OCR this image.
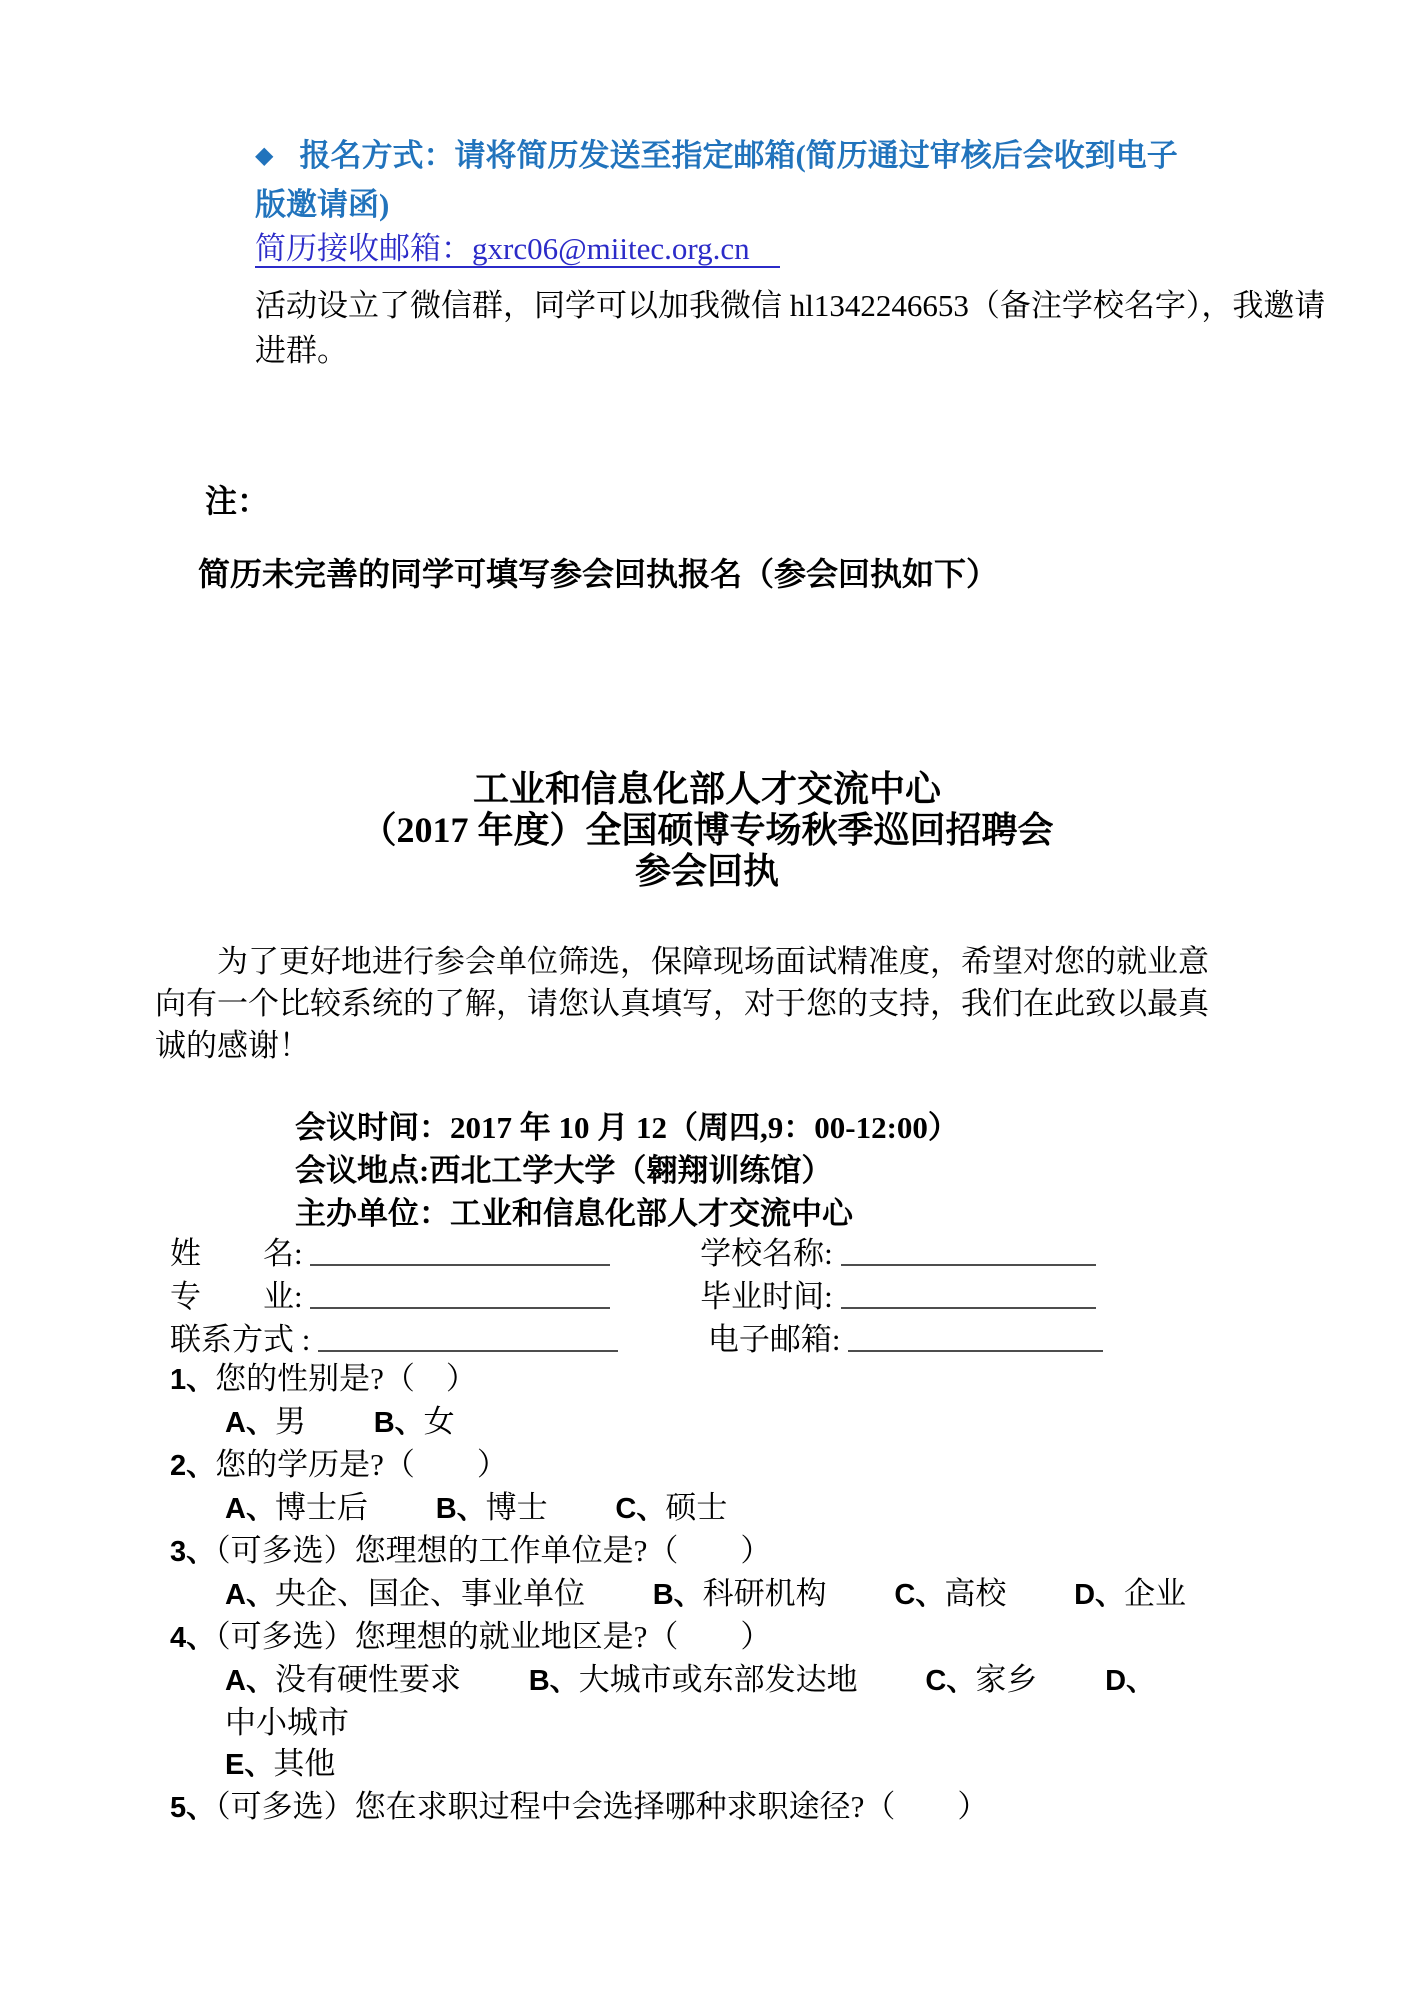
◆ 报名方式：请将简历发送至指定邮箱(简历通过审核后会收到电子版邀请函)
简历接收邮箱：gxrc06@miitec.org.cn
活动设立了微信群，同学可以加我微信 hl1342246653（备注学校名字），我邀请进群。
注：
简历未完善的同学可填写参会回执报名（参会回执如下）
工业和信息化部人才交流中心
（2017 年度）全国硕博专场秋季巡回招聘会
参会回执
为了更好地进行参会单位筛选，保障现场面试精准度，希望对您的就业意向有一个比较系统的了解，请您认真填写，对于您的支持，我们在此致以最真诚的感谢！
会议时间：2017 年 10 月 12（周四,9：00-12:00）
会议地点:西北工学大学（翱翔训练馆）
主办单位：工业和信息化部人才交流中心
姓　　名:	学校名称:
专　　业:	毕业时间:
联系方式 :	电子邮箱:
1、您的性别是?（　）
A、男 B、女
2、您的学历是?（　　）
A、博士后 B、博士 C、硕士
3、（可多选）您理想的工作单位是?（　　）
A、央企、国企、事业单位 B、科研机构 C、高校 D、企业
4、（可多选）您理想的就业地区是?（　　）
A、没有硬性要求 B、大城市或东部发达地 C、家乡 D、中小城市
E、其他
5、（可多选）您在求职过程中会选择哪种求职途径?（　　）
